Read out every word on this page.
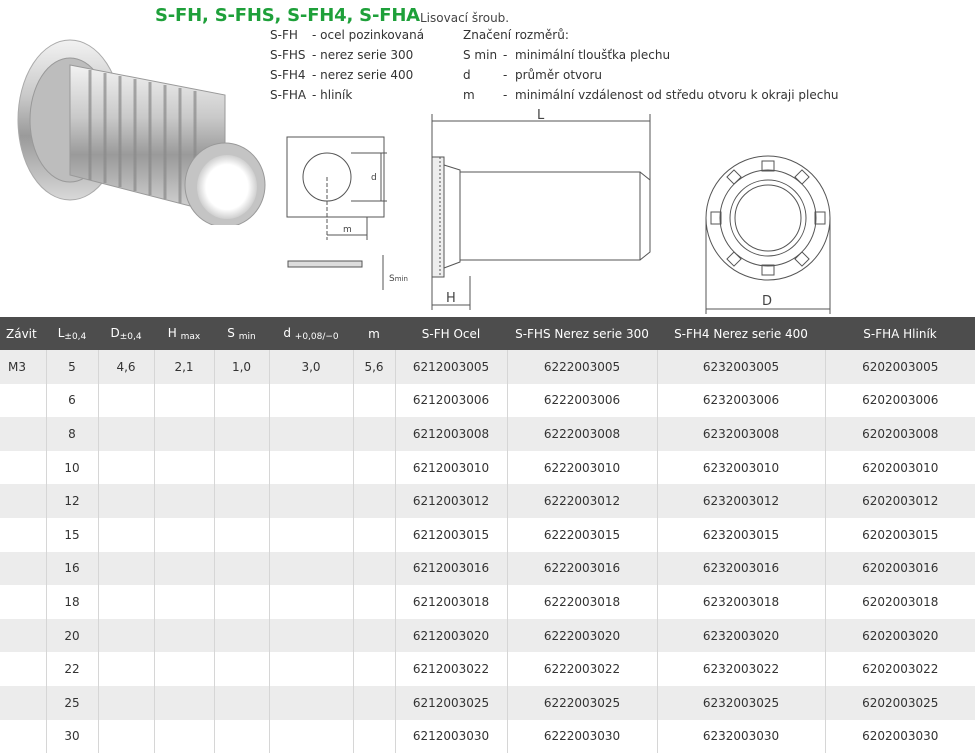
S-FH, S-FHS, S-FH4, S-FHA Lisovací šroub.
S-FH	- ocel pozinkovaná
S-FHS - nerez serie 300
S-FH4 - nerez serie 400
S-FHA - hliník
Značení rozměrů:
S min - minimální tloušťka plechu
d	- průměr otvoru
m	- minimální vzdálenost od středu otvoru k okraji plechu
m
d
Smin
L
H	D
Závit	$L_{\pm 0,4}$	$D_{\pm 0,4}$	H $_{max}$	S $_{min}$	d $_{+0,08/-0}$	m	S-FH Ocel	S-FHS Nerez serie 300	S-FH4 Nerez serie 400	S-FHA Hliník
M3	5	4,6	2,1	1,0	3,0	5,6	6212003005	6222003005	6232003005	6202003005
	6						6212003006	6222003006	6232003006	6202003006
	8						6212003008	6222003008	6232003008	6202003008
	10						6212003010	6222003010	6232003010	6202003010
	12						6212003012	6222003012	6232003012	6202003012
	15						6212003015	6222003015	6232003015	6202003015
	16						6212003016	6222003016	6232003016	6202003016
	18						6212003018	6222003018	6232003018	6202003018
	20						6212003020	6222003020	6232003020	6202003020
	22						6212003022	6222003022	6232003022	6202003022
	25						6212003025	6222003025	6232003025	6202003025
	30						6212003030	6222003030	6232003030	6202003030
